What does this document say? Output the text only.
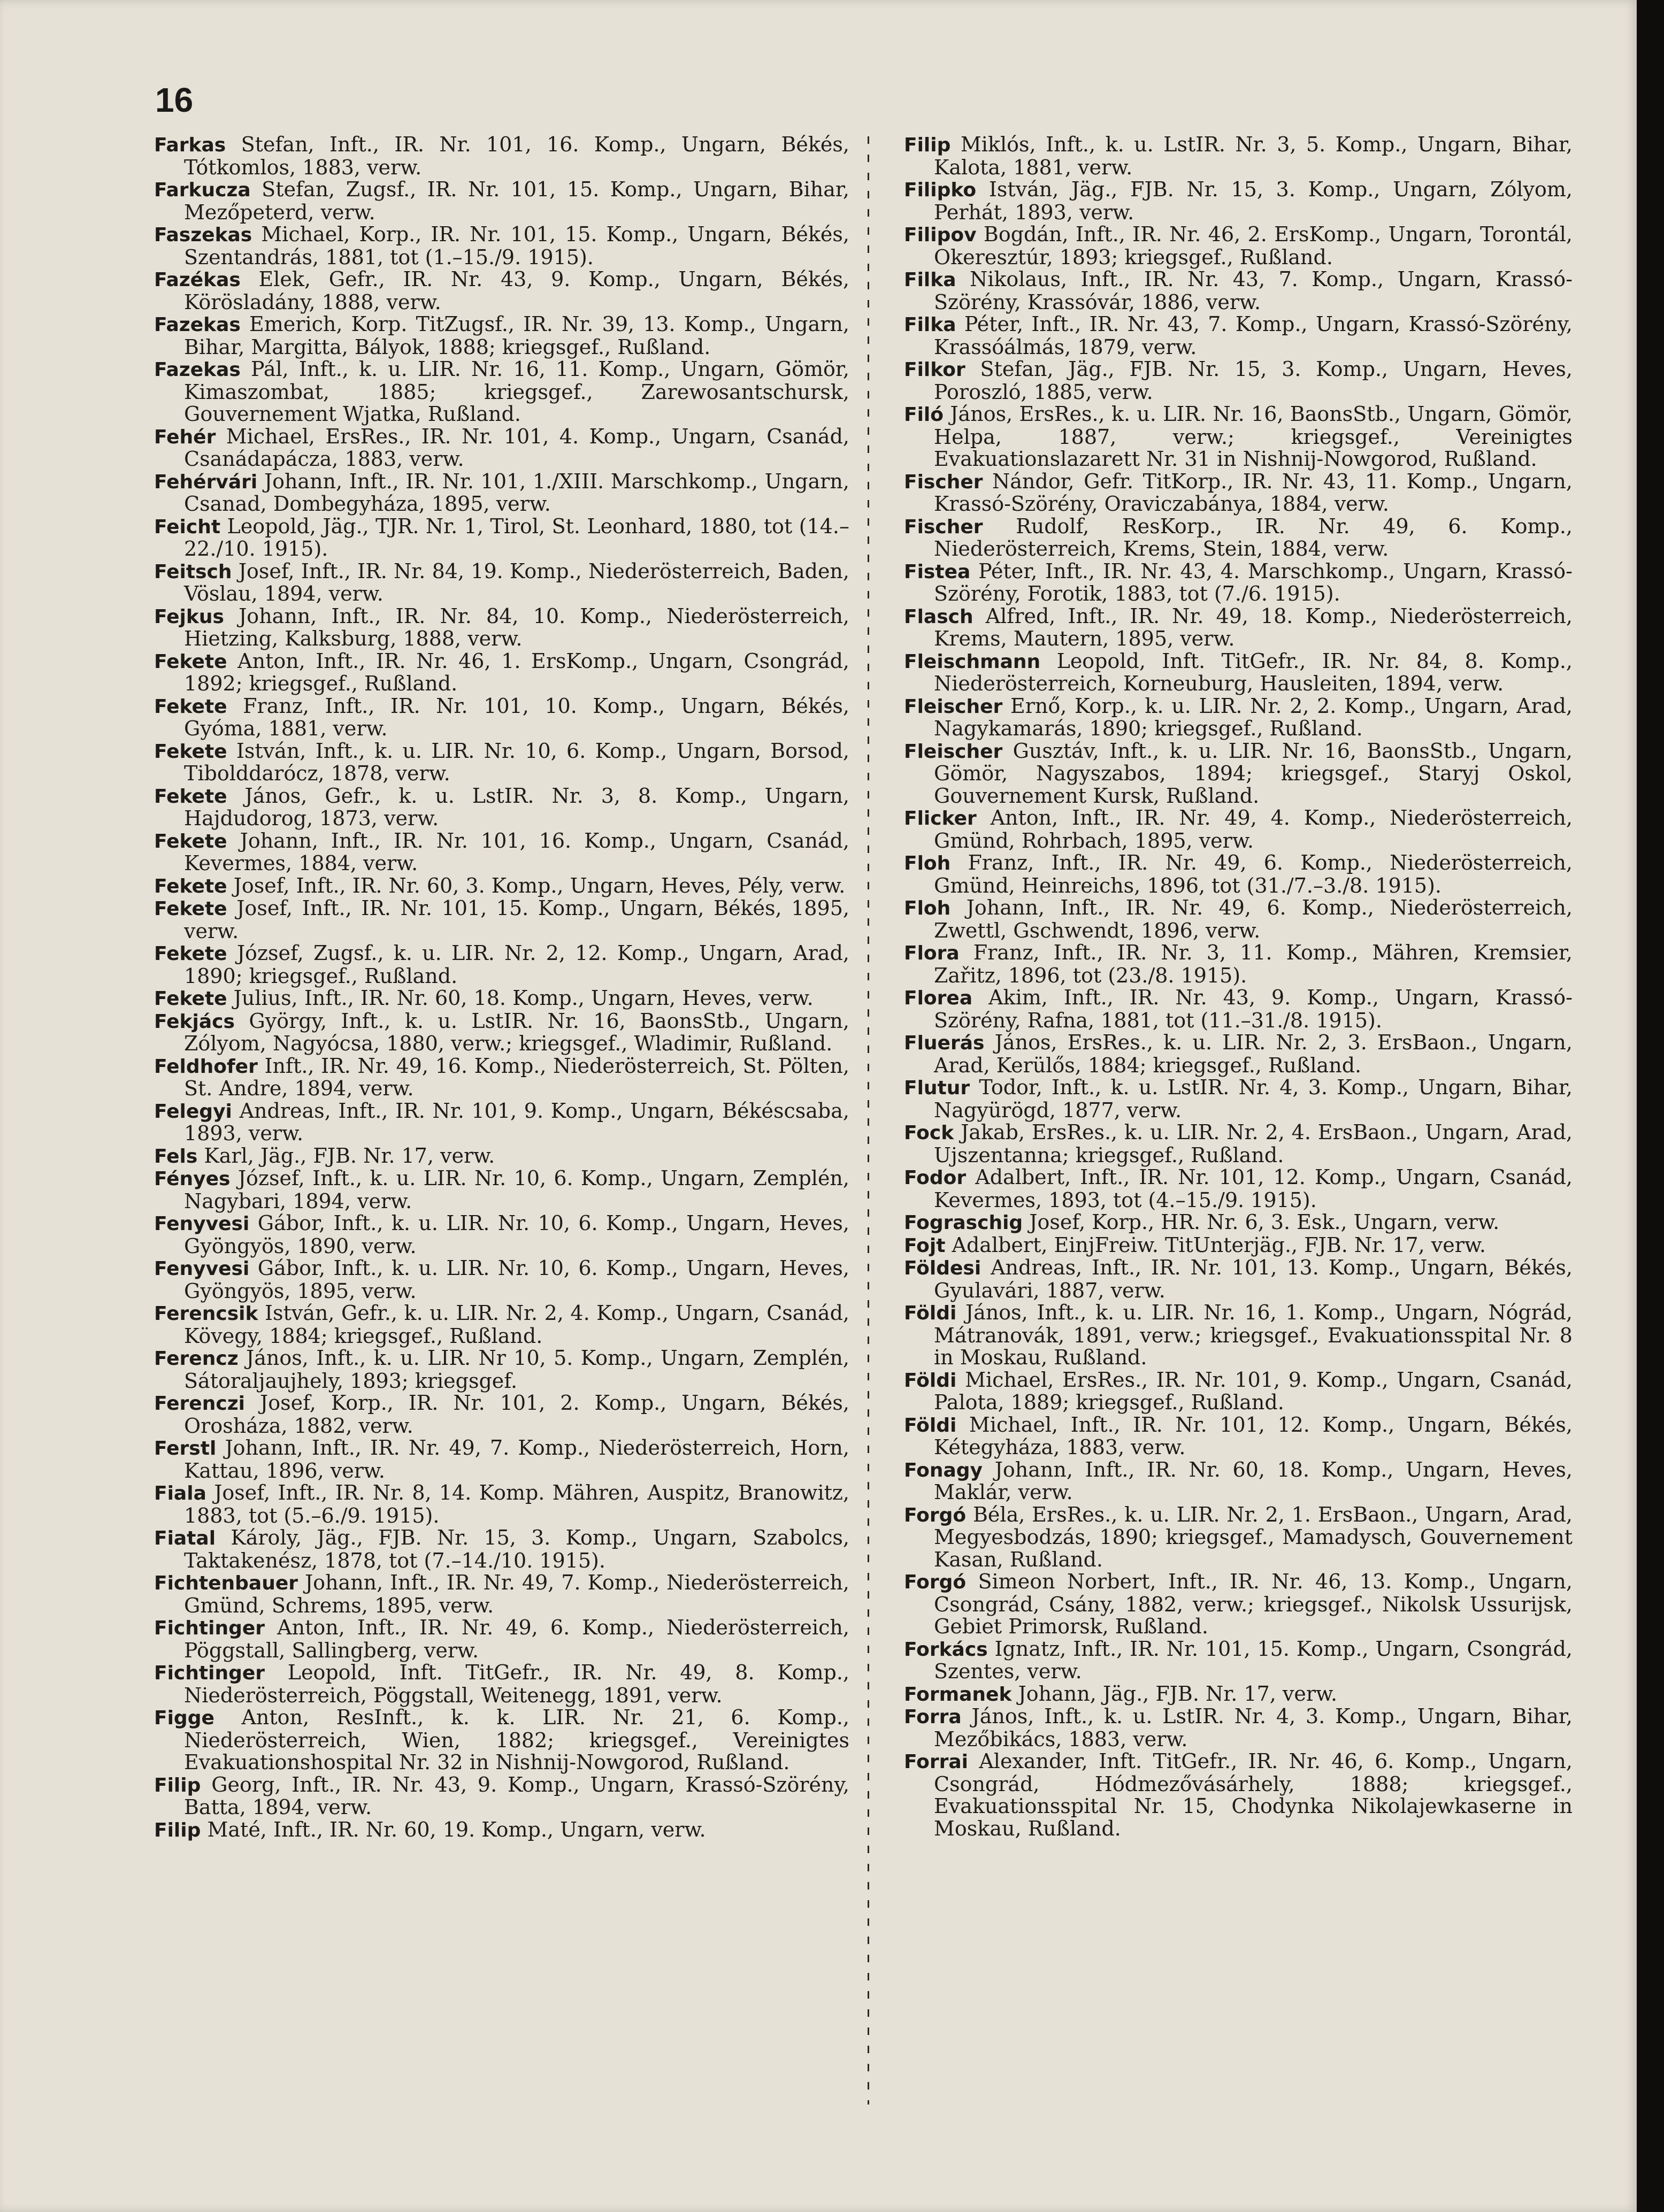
16
Farkas Stefan, Inft., IR. Nr. 101, 16. Komp., Ungarn, Békés, Tótkomlos, 1883, verw.
Farkucza Stefan, Zugsf., IR. Nr. 101, 15. Komp., Ungarn, Bihar, Mezőpeterd, verw.
Faszekas Michael, Korp., IR. Nr. 101, 15. Komp., Ungarn, Békés, Szentandrás, 1881, tot (1.–15./9. 1915).
Fazékas Elek, Gefr., IR. Nr. 43, 9. Komp., Ungarn, Békés, Körösladány, 1888, verw.
Fazekas Emerich, Korp. TitZugsf., IR. Nr. 39, 13. Komp., Ungarn, Bihar, Margitta, Bályok, 1888; kriegsgef., Rußland.
Fazekas Pál, Inft., k. u. LIR. Nr. 16, 11. Komp., Ungarn, Gömör, Kimaszombat, 1885; kriegsgef., Zarewosantschursk, Gouvernement Wjatka, Rußland.
Fehér Michael, ErsRes., IR. Nr. 101, 4. Komp., Ungarn, Csanád, Csanádapácza, 1883, verw.
Fehérvári Johann, Inft., IR. Nr. 101, 1./XIII. Marschkomp., Ungarn, Csanad, Dombegyháza, 1895, verw.
Feicht Leopold, Jäg., TJR. Nr. 1, Tirol, St. Leonhard, 1880, tot (14.–22./10. 1915).
Feitsch Josef, Inft., IR. Nr. 84, 19. Komp., Niederösterreich, Baden, Vöslau, 1894, verw.
Fejkus Johann, Inft., IR. Nr. 84, 10. Komp., Niederösterreich, Hietzing, Kalksburg, 1888, verw.
Fekete Anton, Inft., IR. Nr. 46, 1. ErsKomp., Ungarn, Csongrád, 1892; kriegsgef., Rußland.
Fekete Franz, Inft., IR. Nr. 101, 10. Komp., Ungarn, Békés, Gyóma, 1881, verw.
Fekete István, Inft., k. u. LIR. Nr. 10, 6. Komp., Ungarn, Borsod, Tibolddarócz, 1878, verw.
Fekete János, Gefr., k. u. LstIR. Nr. 3, 8. Komp., Ungarn, Hajdudorog, 1873, verw.
Fekete Johann, Inft., IR. Nr. 101, 16. Komp., Ungarn, Csanád, Kevermes, 1884, verw.
Fekete Josef, Inft., IR. Nr. 60, 3. Komp., Ungarn, Heves, Pély, verw.
Fekete Josef, Inft., IR. Nr. 101, 15. Komp., Ungarn, Békés, 1895, verw.
Fekete József, Zugsf., k. u. LIR. Nr. 2, 12. Komp., Ungarn, Arad, 1890; kriegsgef., Rußland.
Fekete Julius, Inft., IR. Nr. 60, 18. Komp., Ungarn, Heves, verw.
Fekjács György, Inft., k. u. LstIR. Nr. 16, BaonsStb., Ungarn, Zólyom, Nagyócsa, 1880, verw.; kriegsgef., Wladimir, Rußland.
Feldhofer Inft., IR. Nr. 49, 16. Komp., Niederösterreich, St. Pölten, St. Andre, 1894, verw.
Felegyi Andreas, Inft., IR. Nr. 101, 9. Komp., Ungarn, Békéscsaba, 1893, verw.
Fels Karl, Jäg., FJB. Nr. 17, verw.
Fényes József, Inft., k. u. LIR. Nr. 10, 6. Komp., Ungarn, Zemplén, Nagybari, 1894, verw.
Fenyvesi Gábor, Inft., k. u. LIR. Nr. 10, 6. Komp., Ungarn, Heves, Gyöngyös, 1890, verw.
Fenyvesi Gábor, Inft., k. u. LIR. Nr. 10, 6. Komp., Ungarn, Heves, Gyöngyös, 1895, verw.
Ferencsik István, Gefr., k. u. LIR. Nr. 2, 4. Komp., Ungarn, Csanád, Kövegy, 1884; kriegsgef., Rußland.
Ferencz János, Inft., k. u. LIR. Nr 10, 5. Komp., Ungarn, Zemplén, Sátoraljaujhely, 1893; kriegsgef.
Ferenczi Josef, Korp., IR. Nr. 101, 2. Komp., Ungarn, Békés, Orosháza, 1882, verw.
Ferstl Johann, Inft., IR. Nr. 49, 7. Komp., Niederösterreich, Horn, Kattau, 1896, verw.
Fiala Josef, Inft., IR. Nr. 8, 14. Komp. Mähren, Auspitz, Branowitz, 1883, tot (5.–6./9. 1915).
Fiatal Károly, Jäg., FJB. Nr. 15, 3. Komp., Ungarn, Szabolcs, Taktakenész, 1878, tot (7.–14./10. 1915).
Fichtenbauer Johann, Inft., IR. Nr. 49, 7. Komp., Niederösterreich, Gmünd, Schrems, 1895, verw.
Fichtinger Anton, Inft., IR. Nr. 49, 6. Komp., Niederösterreich, Pöggstall, Sallingberg, verw.
Fichtinger Leopold, Inft. TitGefr., IR. Nr. 49, 8. Komp., Niederösterreich, Pöggstall, Weitenegg, 1891, verw.
Figge Anton, ResInft., k. k. LIR. Nr. 21, 6. Komp., Niederösterreich, Wien, 1882; kriegsgef., Vereinigtes Evakuationshospital Nr. 32 in Nishnij-Nowgorod, Rußland.
Filip Georg, Inft., IR. Nr. 43, 9. Komp., Ungarn, Krassó-Szörény, Batta, 1894, verw.
Filip Maté, Inft., IR. Nr. 60, 19. Komp., Ungarn, verw.
Filip Miklós, Inft., k. u. LstIR. Nr. 3, 5. Komp., Ungarn, Bihar, Kalota, 1881, verw.
Filipko István, Jäg., FJB. Nr. 15, 3. Komp., Ungarn, Zólyom, Perhát, 1893, verw.
Filipov Bogdán, Inft., IR. Nr. 46, 2. ErsKomp., Ungarn, Torontál, Okeresztúr, 1893; kriegsgef., Rußland.
Filka Nikolaus, Inft., IR. Nr. 43, 7. Komp., Ungarn, Krassó-Szörény, Krassóvár, 1886, verw.
Filka Péter, Inft., IR. Nr. 43, 7. Komp., Ungarn, Krassó-Szörény, Krassóálmás, 1879, verw.
Filkor Stefan, Jäg., FJB. Nr. 15, 3. Komp., Ungarn, Heves, Poroszló, 1885, verw.
Filó János, ErsRes., k. u. LIR. Nr. 16, BaonsStb., Ungarn, Gömör, Helpa, 1887, verw.; kriegsgef., Vereinigtes Evakuationslazarett Nr. 31 in Nishnij-Nowgorod, Rußland.
Fischer Nándor, Gefr. TitKorp., IR. Nr. 43, 11. Komp., Ungarn, Krassó-Szörény, Oraviczabánya, 1884, verw.
Fischer Rudolf, ResKorp., IR. Nr. 49, 6. Komp., Niederösterreich, Krems, Stein, 1884, verw.
Fistea Péter, Inft., IR. Nr. 43, 4. Marschkomp., Ungarn, Krassó-Szörény, Forotik, 1883, tot (7./6. 1915).
Flasch Alfred, Inft., IR. Nr. 49, 18. Komp., Niederösterreich, Krems, Mautern, 1895, verw.
Fleischmann Leopold, Inft. TitGefr., IR. Nr. 84, 8. Komp., Niederösterreich, Korneuburg, Hausleiten, 1894, verw.
Fleischer Ernő, Korp., k. u. LIR. Nr. 2, 2. Komp., Ungarn, Arad, Nagykamarás, 1890; kriegsgef., Rußland.
Fleischer Gusztáv, Inft., k. u. LIR. Nr. 16, BaonsStb., Ungarn, Gömör, Nagyszabos, 1894; kriegsgef., Staryj Oskol, Gouvernement Kursk, Rußland.
Flicker Anton, Inft., IR. Nr. 49, 4. Komp., Niederösterreich, Gmünd, Rohrbach, 1895, verw.
Floh Franz, Inft., IR. Nr. 49, 6. Komp., Niederösterreich, Gmünd, Heinreichs, 1896, tot (31./7.–3./8. 1915).
Floh Johann, Inft., IR. Nr. 49, 6. Komp., Niederösterreich, Zwettl, Gschwendt, 1896, verw.
Flora Franz, Inft., IR. Nr. 3, 11. Komp., Mähren, Kremsier, Zařitz, 1896, tot (23./8. 1915).
Florea Akim, Inft., IR. Nr. 43, 9. Komp., Ungarn, Krassó-Szörény, Rafna, 1881, tot (11.–31./8. 1915).
Fluerás János, ErsRes., k. u. LIR. Nr. 2, 3. ErsBaon., Ungarn, Arad, Kerülős, 1884; kriegsgef., Rußland.
Flutur Todor, Inft., k. u. LstIR. Nr. 4, 3. Komp., Ungarn, Bihar, Nagyürögd, 1877, verw.
Fock Jakab, ErsRes., k. u. LIR. Nr. 2, 4. ErsBaon., Ungarn, Arad, Ujszentanna; kriegsgef., Rußland.
Fodor Adalbert, Inft., IR. Nr. 101, 12. Komp., Ungarn, Csanád, Kevermes, 1893, tot (4.–15./9. 1915).
Fograschig Josef, Korp., HR. Nr. 6, 3. Esk., Ungarn, verw.
Fojt Adalbert, EinjFreiw. TitUnterjäg., FJB. Nr. 17, verw.
Földesi Andreas, Inft., IR. Nr. 101, 13. Komp., Ungarn, Békés, Gyulavári, 1887, verw.
Földi János, Inft., k. u. LIR. Nr. 16, 1. Komp., Ungarn, Nógrád, Mátranovák, 1891, verw.; kriegsgef., Evakuationsspital Nr. 8 in Moskau, Rußland.
Földi Michael, ErsRes., IR. Nr. 101, 9. Komp., Ungarn, Csanád, Palota, 1889; kriegsgef., Rußland.
Földi Michael, Inft., IR. Nr. 101, 12. Komp., Ungarn, Békés, Kétegyháza, 1883, verw.
Fonagy Johann, Inft., IR. Nr. 60, 18. Komp., Ungarn, Heves, Maklár, verw.
Forgó Béla, ErsRes., k. u. LIR. Nr. 2, 1. ErsBaon., Ungarn, Arad, Megyesbodzás, 1890; kriegsgef., Mamadysch, Gouvernement Kasan, Rußland.
Forgó Simeon Norbert, Inft., IR. Nr. 46, 13. Komp., Ungarn, Csongrád, Csány, 1882, verw.; kriegsgef., Nikolsk Ussurijsk, Gebiet Primorsk, Rußland.
Forkács Ignatz, Inft., IR. Nr. 101, 15. Komp., Ungarn, Csongrád, Szentes, verw.
Formanek Johann, Jäg., FJB. Nr. 17, verw.
Forra János, Inft., k. u. LstIR. Nr. 4, 3. Komp., Ungarn, Bihar, Mezőbikács, 1883, verw.
Forrai Alexander, Inft. TitGefr., IR. Nr. 46, 6. Komp., Ungarn, Csongrád, Hódmezővásárhely, 1888; kriegsgef., Evakuationsspital Nr. 15, Chodynka Nikolajewkaserne in Moskau, Rußland.
